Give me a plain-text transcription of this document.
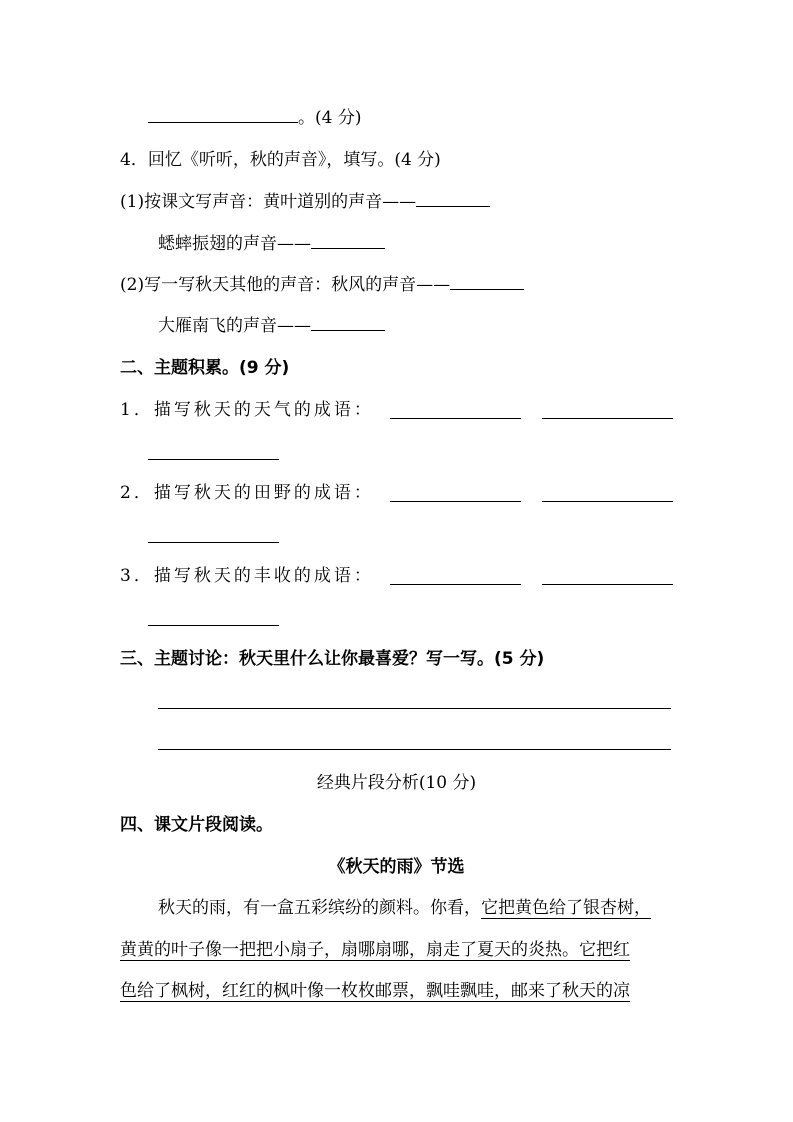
。(4 分)
4．回忆《听听，秋的声音》，填写。(4 分)
(1)按课文写声音：黄叶道别的声音——
蟋蟀振翅的声音——
(2)写一写秋天其他的声音：秋风的声音——
大雁南飞的声音——
二、主题积累。(9 分)
1．描写秋天的天气的成语：
2．描写秋天的田野的成语：
3．描写秋天的丰收的成语：
三、主题讨论：秋天里什么让你最喜爱？写一写。(5 分)
经典片段分析(10 分)
四、课文片段阅读。
《秋天的雨》节选
秋天的雨，有一盒五彩缤纷的颜料。你看，它把黄色给了银杏树，
黄黄的叶子像一把把小扇子，扇哪扇哪，扇走了夏天的炎热。它把红
色给了枫树，红红的枫叶像一枚枚邮票，飘哇飘哇，邮来了秋天的凉
